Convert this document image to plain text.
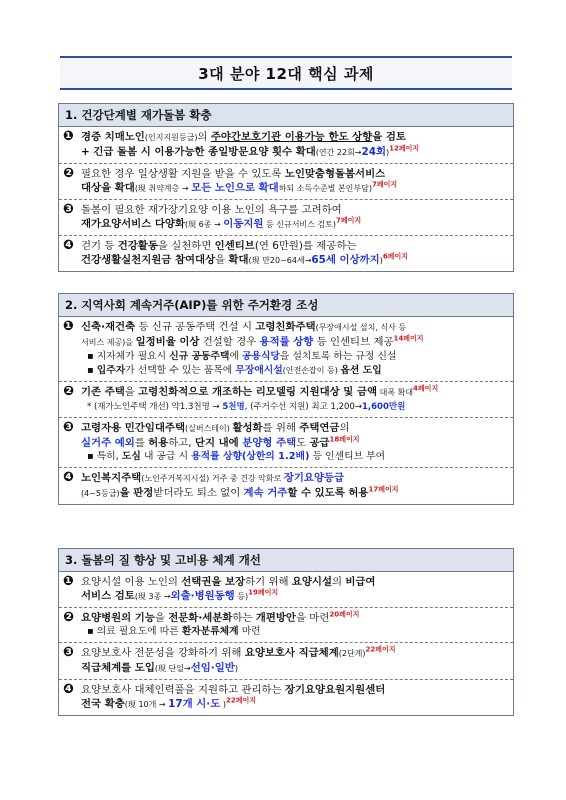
3대 분야 12대 핵심 과제
1. 건강단계별 재가돌봄 확충
❶ 경증 치매노인(인지지원등급)의 주야간보호기관 이용가능 한도 상향을 검토
+ 긴급 돌봄 시 이용가능한 종일방문요양 횟수 확대(연간 22회→24회)$^{12페이지}$
❷ 필요한 경우 일상생활 지원을 받을 수 있도록 노인맞춤형돌봄서비스
대상을 확대(現 취약계층 → 모든 노인으로 확대하되 소득수준별 본인부담)$^{7페이지}$
❸ 돌봄이 필요한 재가장기요양 이용 노인의 욕구를 고려하여
재가요양서비스 다양화(現 6종 → 이동지원 등 신규서비스 검토)$^{7페이지}$
❹ 걷기 등 건강활동을 실천하면 인센티브(연 6만원)를 제공하는
건강생활실천지원금 참여대상을 확대(現 만20~64세→65세 이상까지)$^{6페이지}$
2. 지역사회 계속거주(AIP)를 위한 주거환경 조성
❶ 신축·재건축 등 신규 공동주택 건설 시 고령친화주택(무장애시설 설치, 식사 등
서비스 제공)을 일정비율 이상 건설할 경우 용적률 상향 등 인센티브 제공$^{14페이지}$
▪ 지자체가 필요시 신규 공동주택에 공용식당을 설치토록 하는 규정 신설
▪ 입주자가 선택할 수 있는 품목에 무장애시설(안전손잡이 등) 옵션 도입
❷ 기존 주택을 고령친화적으로 개조하는 리모델링 지원대상 및 금액 대폭 확대$^{4페이지}$
* (재가노인주택 개선) 약1.3천명 → 5천명, (주거수선 지원) 최고 1,200→1,600만원
❸ 고령자용 민간임대주택(실버스테이) 활성화를 위해 주택연금의
실거주 예외를 허용하고, 단지 내에 분양형 주택도 공급$^{18페이지}$
▪ 특히, 도심 내 공급 시 용적률 상향(상한의 1.2배) 등 인센티브 부여
❹ 노인복지주택(노인주거복지시설) 거주 중 건강 악화로 장기요양등급
(4~5등급)을 판정받더라도 퇴소 없이 계속 거주할 수 있도록 허용$^{17페이지}$
3. 돌봄의 질 향상 및 고비용 체계 개선
❶ 요양시설 이용 노인의 선택권을 보장하기 위해 요양시설의 비급여
서비스 검토(現 3종 →외출·병원동행 등)$^{19페이지}$
❷ 요양병원의 기능을 전문화·세분화하는 개편방안을 마련$^{20페이지}$
▪ 의료 필요도에 따른 환자분류체계 마련
❸ 요양보호사 전문성을 강화하기 위해 요양보호사 직급체계(2단계)$^{22페이지}$
직급체계를 도입(現 단일→선임·일반)
❹ 요양보호사 대체인력풀을 지원하고 관리하는 장기요양요원지원센터
전국 확충(現 10개 → 17개 시·도 )$^{22페이지}$
